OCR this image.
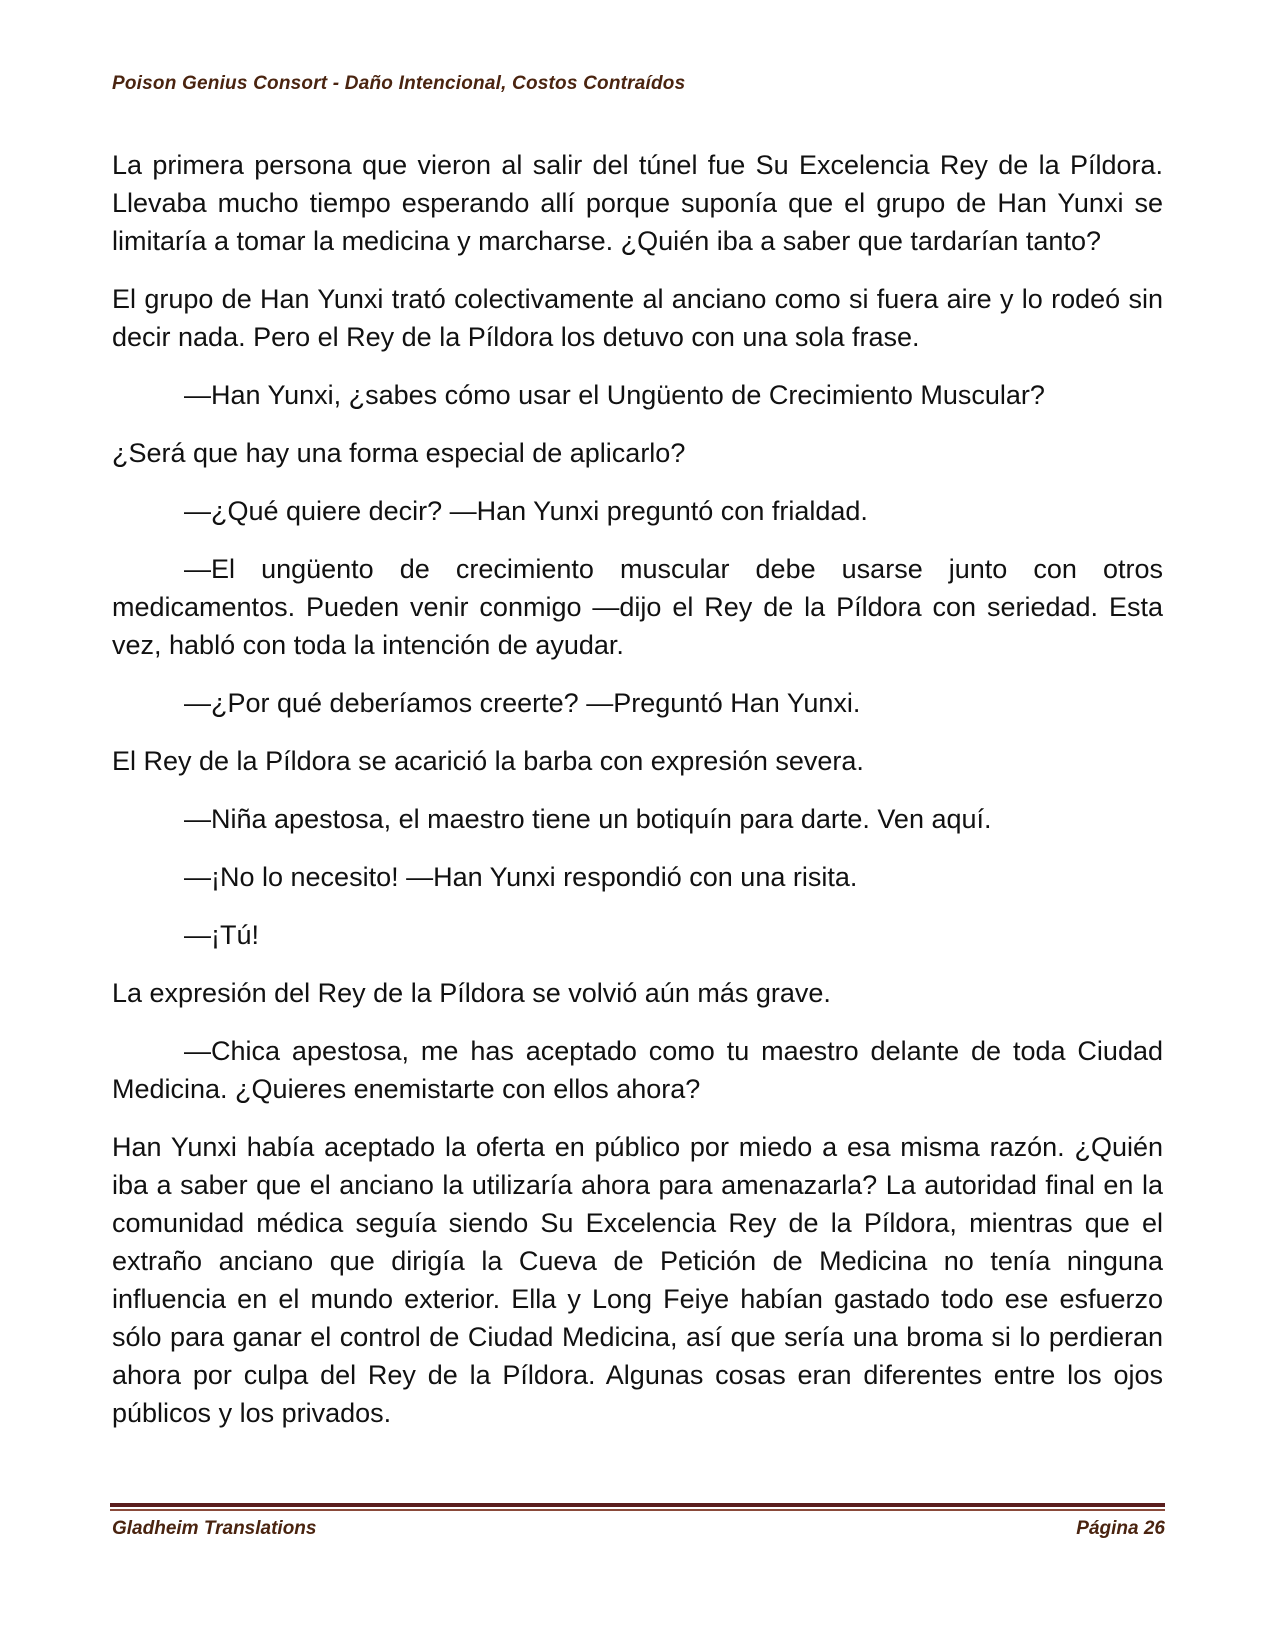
Poison Genius Consort - Daño Intencional, Costos Contraídos

La primera persona que vieron al salir del túnel fue Su Excelencia Rey de la Píldora. Llevaba mucho tiempo esperando allí porque suponía que el grupo de Han Yunxi se limitaría a tomar la medicina y marcharse. ¿Quién iba a saber que tardarían tanto?

El grupo de Han Yunxi trató colectivamente al anciano como si fuera aire y lo rodeó sin decir nada. Pero el Rey de la Píldora los detuvo con una sola frase.

—Han Yunxi, ¿sabes cómo usar el Ungüento de Crecimiento Muscular?

¿Será que hay una forma especial de aplicarlo?

—¿Qué quiere decir? —Han Yunxi preguntó con frialdad.

—El ungüento de crecimiento muscular debe usarse junto con otros medicamentos. Pueden venir conmigo —dijo el Rey de la Píldora con seriedad. Esta vez, habló con toda la intención de ayudar.

—¿Por qué deberíamos creerte? —Preguntó Han Yunxi.

El Rey de la Píldora se acarició la barba con expresión severa.

—Niña apestosa, el maestro tiene un botiquín para darte. Ven aquí.

—¡No lo necesito! —Han Yunxi respondió con una risita.

—¡Tú!

La expresión del Rey de la Píldora se volvió aún más grave.

—Chica apestosa, me has aceptado como tu maestro delante de toda Ciudad Medicina. ¿Quieres enemistarte con ellos ahora?

Han Yunxi había aceptado la oferta en público por miedo a esa misma razón. ¿Quién iba a saber que el anciano la utilizaría ahora para amenazarla? La autoridad final en la comunidad médica seguía siendo Su Excelencia Rey de la Píldora, mientras que el extraño anciano que dirigía la Cueva de Petición de Medicina no tenía ninguna influencia en el mundo exterior. Ella y Long Feiye habían gastado todo ese esfuerzo sólo para ganar el control de Ciudad Medicina, así que sería una broma si lo perdieran ahora por culpa del Rey de la Píldora. Algunas cosas eran diferentes entre los ojos públicos y los privados.

Gladheim Translations	Página 26
